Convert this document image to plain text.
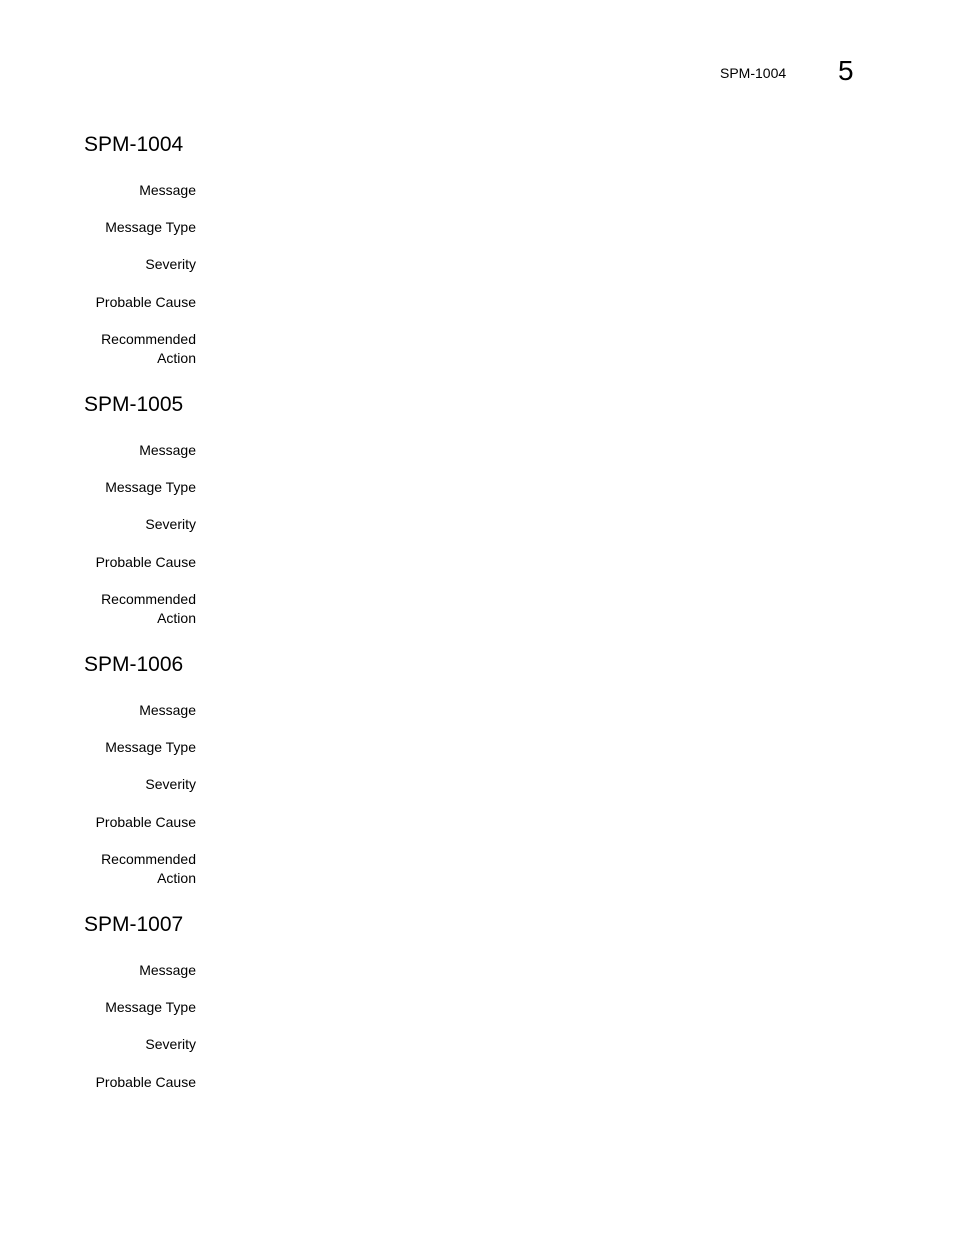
SPM-1004 5
SPM-1004
Message
Message Type
Severity
Probable Cause
Recommended
Action
SPM-1005
Message
Message Type
Severity
Probable Cause
Recommended
Action
SPM-1006
Message
Message Type
Severity
Probable Cause
Recommended
Action
SPM-1007
Message
Message Type
Severity
Probable Cause
